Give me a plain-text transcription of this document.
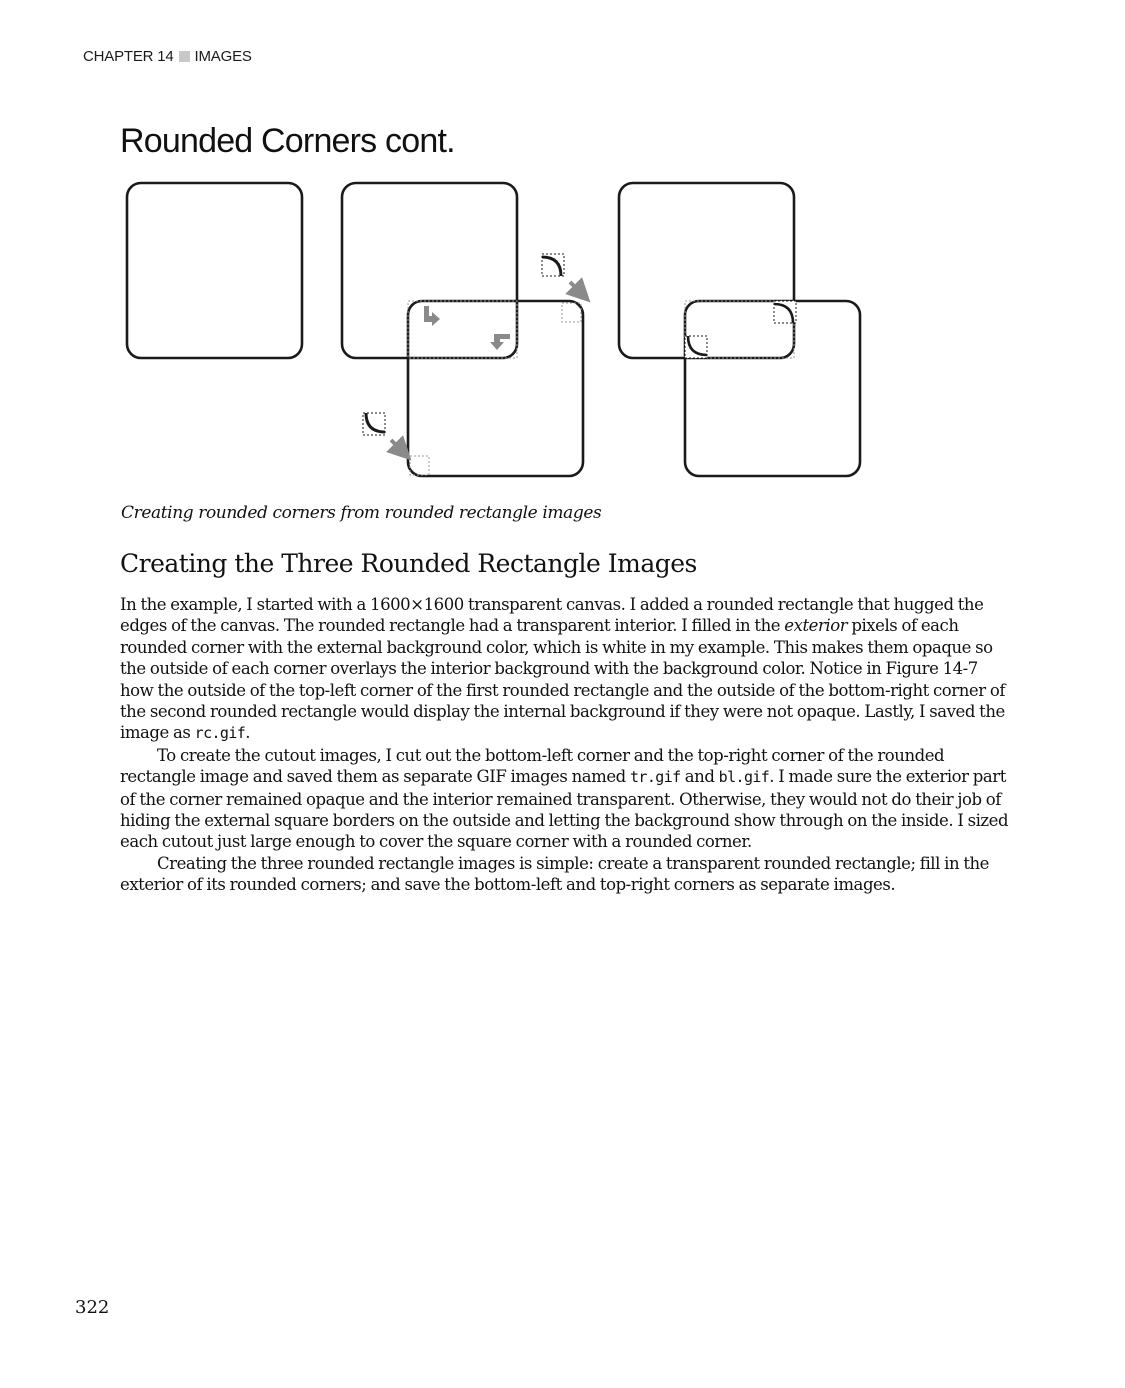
CHAPTER 14 IMAGES
Rounded Corners cont.
Creating rounded corners from rounded rectangle images
Creating the Three Rounded Rectangle Images

In the example, I started with a 1600×1600 transparent canvas. I added a rounded rectangle that hugged the edges of the canvas. The rounded rectangle had a transparent interior. I filled in the exterior pixels of each rounded corner with the external background color, which is white in my example. This makes them opaque so the outside of each corner overlays the interior background with the background color. Notice in Figure 14-7 how the outside of the top-left corner of the first rounded rectangle and the outside of the bottom-right corner of the second rounded rectangle would display the internal background if they were not opaque. Lastly, I saved the image as rc.gif.

To create the cutout images, I cut out the bottom-left corner and the top-right corner of the rounded rectangle image and saved them as separate GIF images named tr.gif and bl.gif. I made sure the exterior part of the corner remained opaque and the interior remained transparent. Otherwise, they would not do their job of hiding the external square borders on the outside and letting the background show through on the inside. I sized each cutout just large enough to cover the square corner with a rounded corner.

Creating the three rounded rectangle images is simple: create a transparent rounded rectangle; fill in the exterior of its rounded corners; and save the bottom-left and top-right corners as separate images.

322
